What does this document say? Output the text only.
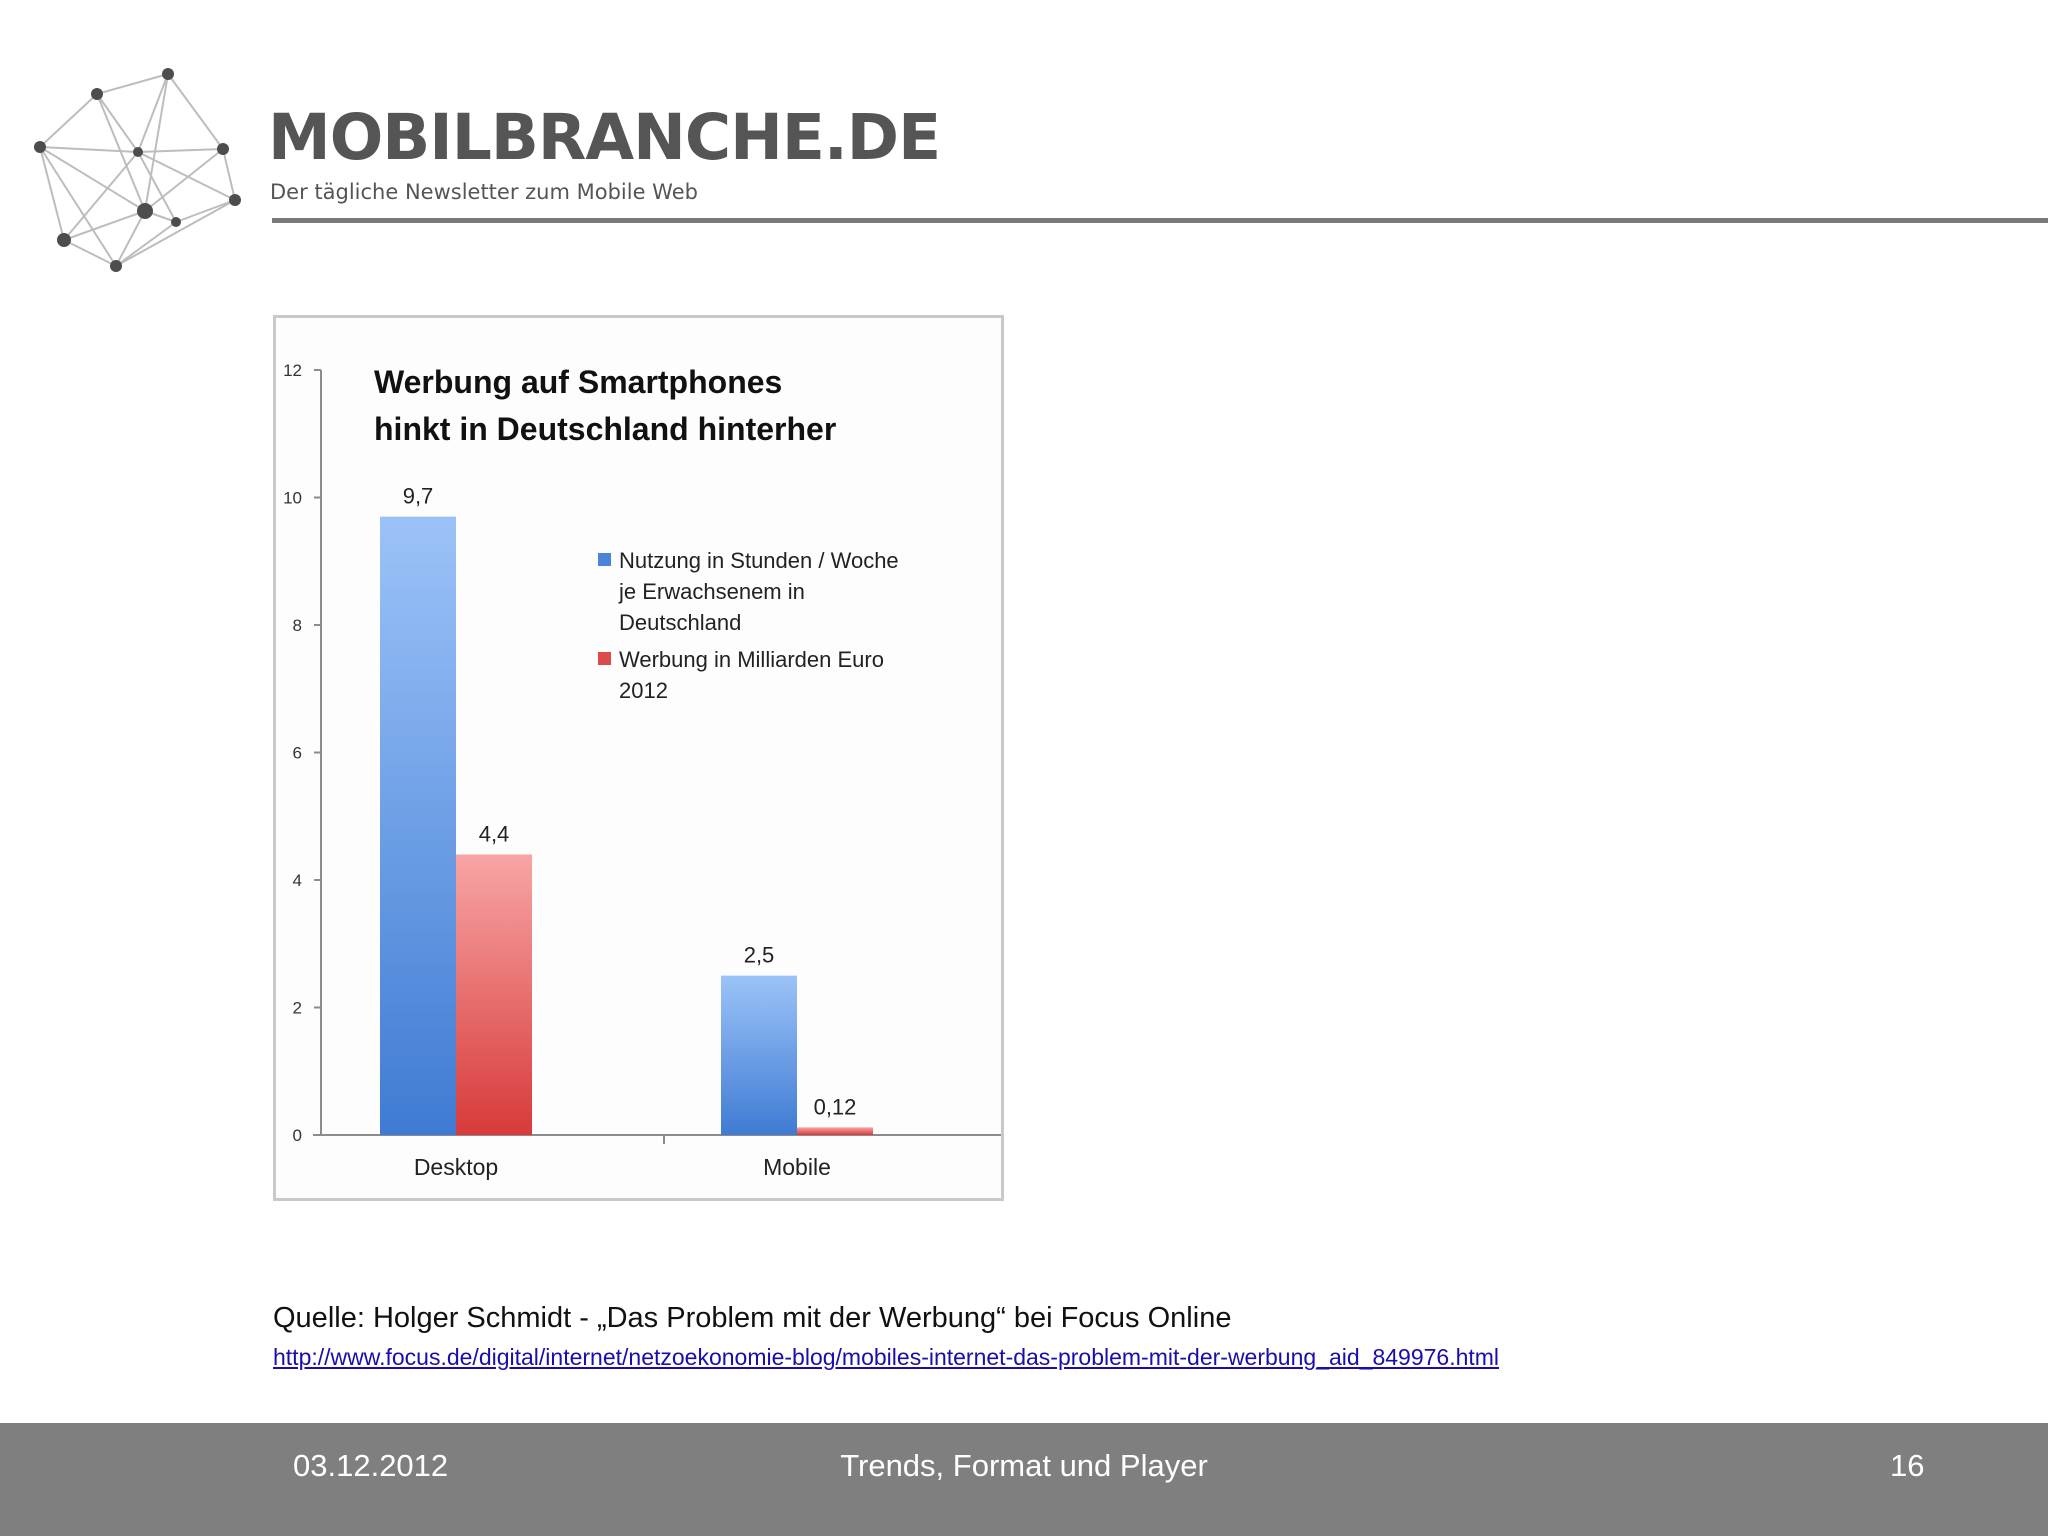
MOBILBRANCHE.DE
Der tägliche Newsletter zum Mobile Web
0
2
4
6
8
10
12
9,7
4,4
Desktop
2,5
0,12
Mobile
Werbung auf Smartphones
hinkt in Deutschland hinterher
Nutzung in Stunden / Woche
je Erwachsenem in
Deutschland
Werbung in Milliarden Euro
2012
Quelle: Holger Schmidt - „Das Problem mit der Werbung“ bei Focus Online
http://www.focus.de/digital/internet/netzoekonomie-blog/mobiles-internet-das-problem-mit-der-werbung_aid_849976.html
03.12.2012	Trends, Format und Player	16
